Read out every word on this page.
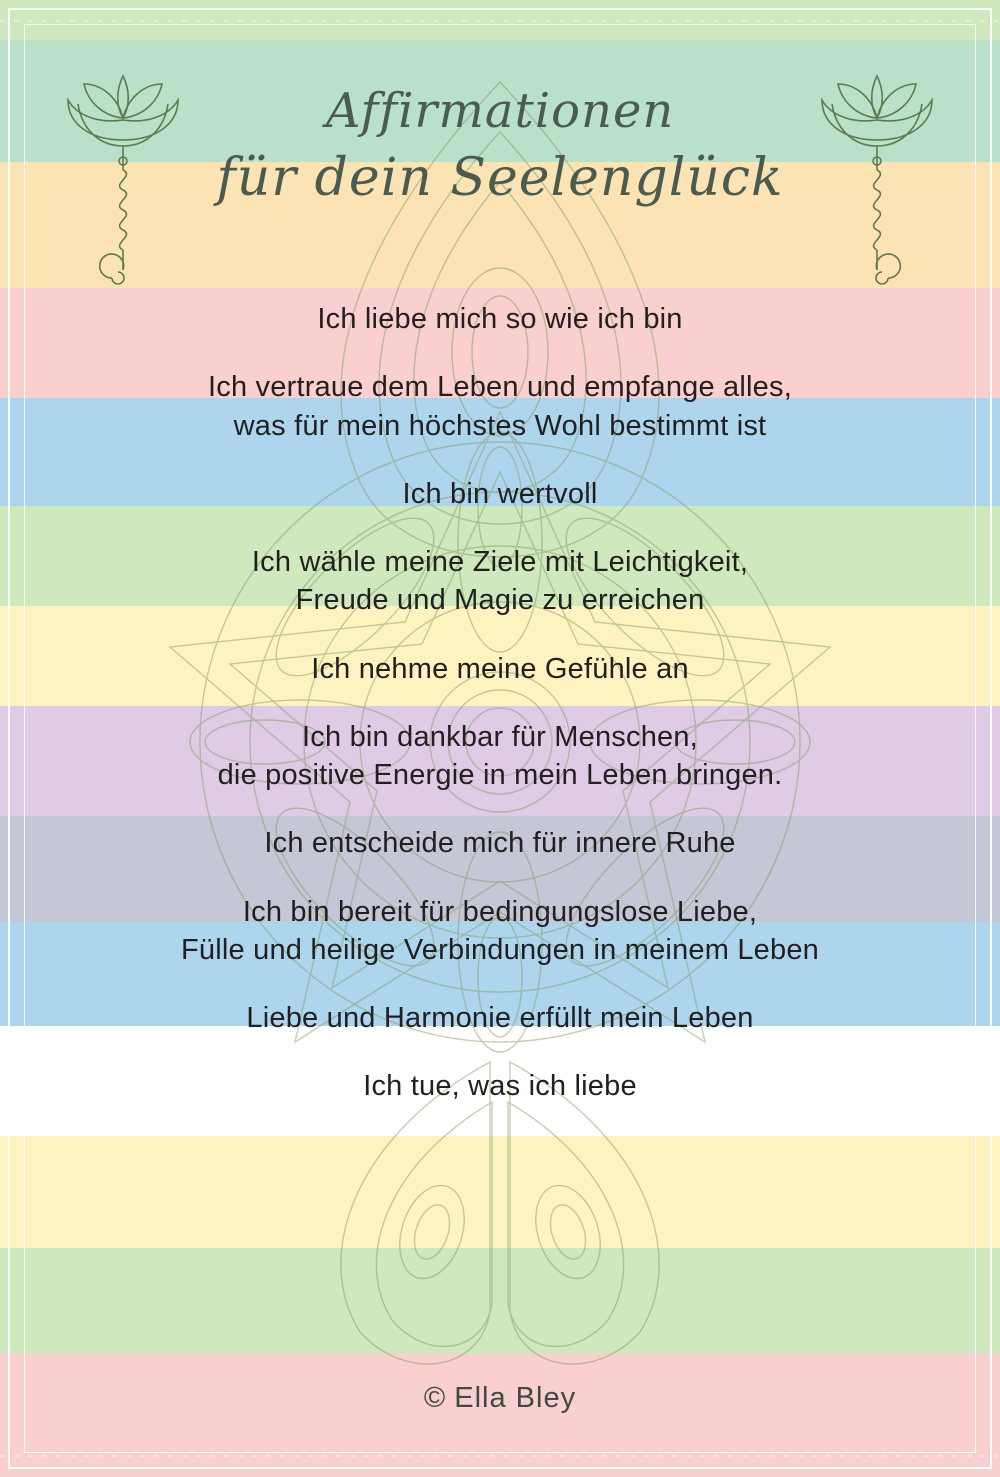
Affirmationen
für dein Seelenglück
Ich liebe mich so wie ich bin
Ich vertraue dem Leben und empfange alles,
was für mein höchstes Wohl bestimmt ist
Ich bin wertvoll
Ich wähle meine Ziele mit Leichtigkeit,
Freude und Magie zu erreichen
Ich nehme meine Gefühle an
Ich bin dankbar für Menschen,
die positive Energie in mein Leben bringen.
Ich entscheide mich für innere Ruhe
Ich bin bereit für bedingungslose Liebe,
Fülle und heilige Verbindungen in meinem Leben
Liebe und Harmonie erfüllt mein Leben
Ich tue, was ich liebe
© Ella Bley
